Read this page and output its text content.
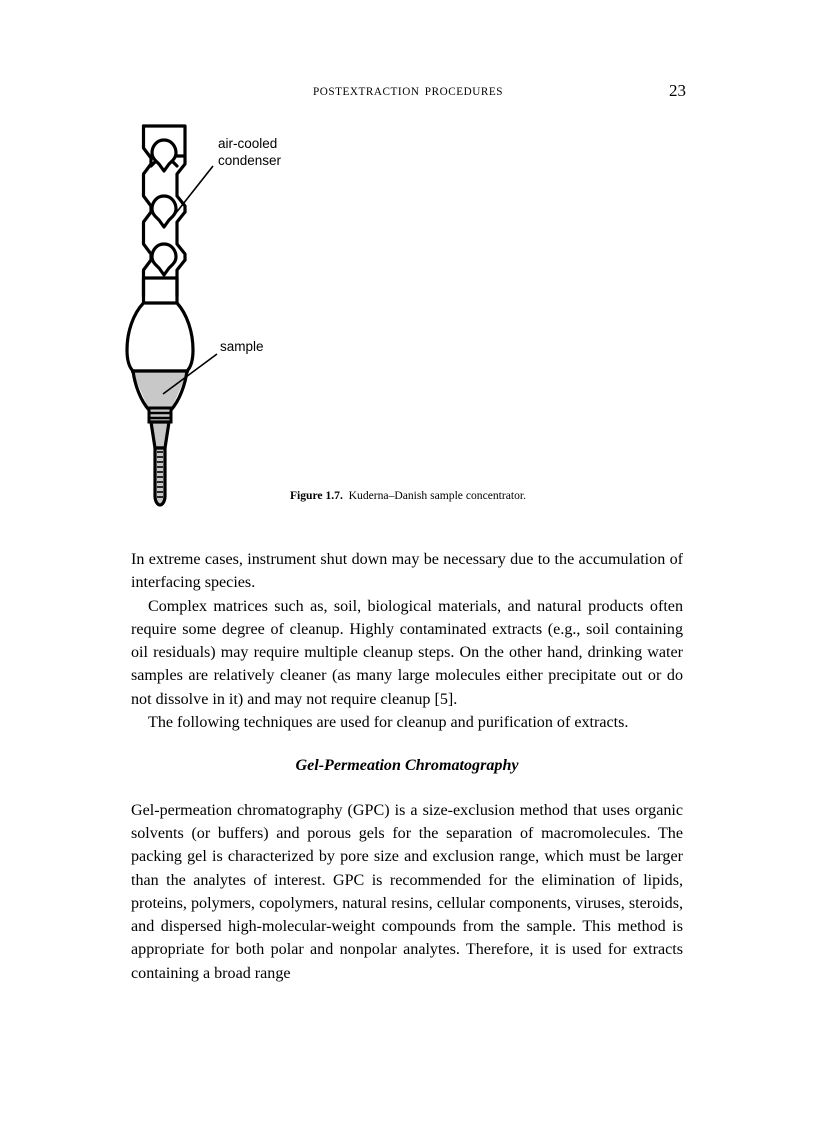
POSTEXTRACTION PROCEDURES	23
air-cooled
condenser
sample
Figure 1.7. Kuderna–Danish sample concentrator.

In extreme cases, instrument shut down may be necessary due to the accumulation of interfacing species.

Complex matrices such as, soil, biological materials, and natural products often require some degree of cleanup. Highly contaminated extracts (e.g., soil containing oil residuals) may require multiple cleanup steps. On the other hand, drinking water samples are relatively cleaner (as many large molecules either precipitate out or do not dissolve in it) and may not require cleanup [5].

The following techniques are used for cleanup and purification of extracts.

Gel-Permeation Chromatography

Gel-permeation chromatography (GPC) is a size-exclusion method that uses organic solvents (or buffers) and porous gels for the separation of macromolecules. The packing gel is characterized by pore size and exclusion range, which must be larger than the analytes of interest. GPC is recommended for the elimination of lipids, proteins, polymers, copolymers, natural resins, cellular components, viruses, steroids, and dispersed high-molecular-weight compounds from the sample. This method is appropriate for both polar and nonpolar analytes. Therefore, it is used for extracts containing a broad range
